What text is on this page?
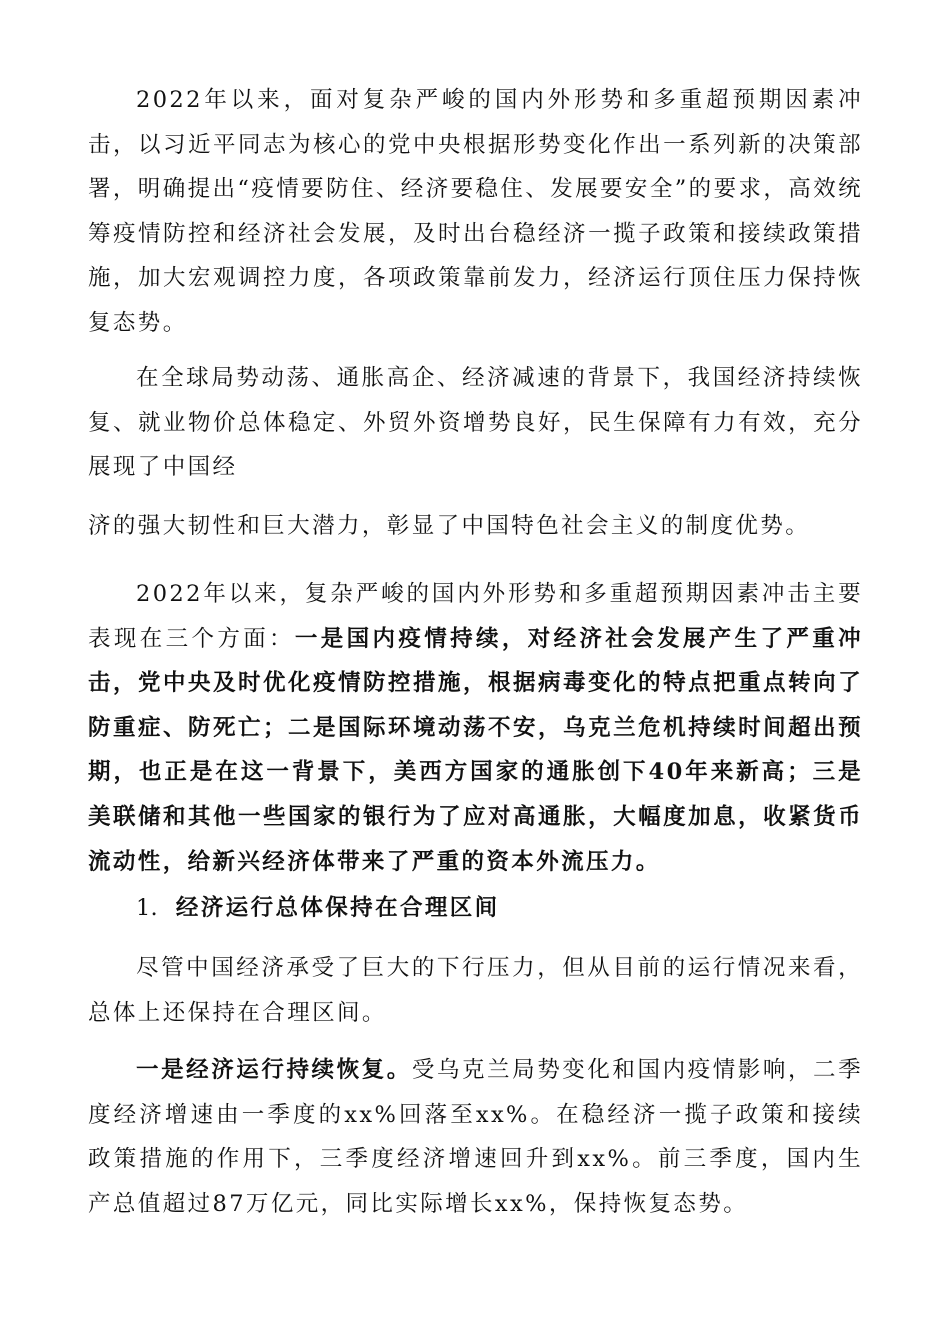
2022年以来，面对复杂严峻的国内外形势和多重超预期因素冲击，以习近平同志为核心的党中央根据形势变化作出一系列新的决策部署，明确提出“疫情要防住、经济要稳住、发展要安全”的要求，高效统筹疫情防控和经济社会发展，及时出台稳经济一揽子政策和接续政策措施，加大宏观调控力度，各项政策靠前发力，经济运行顶住压力保持恢复态势。

在全球局势动荡、通胀高企、经济减速的背景下，我国经济持续恢复、就业物价总体稳定、外贸外资增势良好，民生保障有力有效，充分展现了中国经

济的强大韧性和巨大潜力，彰显了中国特色社会主义的制度优势。

2022年以来，复杂严峻的国内外形势和多重超预期因素冲击主要表现在三个方面：一是国内疫情持续，对经济社会发展产生了严重冲击，党中央及时优化疫情防控措施，根据病毒变化的特点把重点转向了防重症、防死亡；二是国际环境动荡不安，乌克兰危机持续时间超出预期，也正是在这一背景下，美西方国家的通胀创下40年来新高；三是美联储和其他一些国家的银行为了应对高通胀，大幅度加息，收紧货币流动性，给新兴经济体带来了严重的资本外流压力。

1. 经济运行总体保持在合理区间

尽管中国经济承受了巨大的下行压力，但从目前的运行情况来看，总体上还保持在合理区间。

一是经济运行持续恢复。受乌克兰局势变化和国内疫情影响，二季度经济增速由一季度的xx%回落至xx%。在稳经济一揽子政策和接续政策措施的作用下，三季度经济增速回升到xx%。前三季度，国内生产总值超过87万亿元，同比实际增长xx%，保持恢复态势。
